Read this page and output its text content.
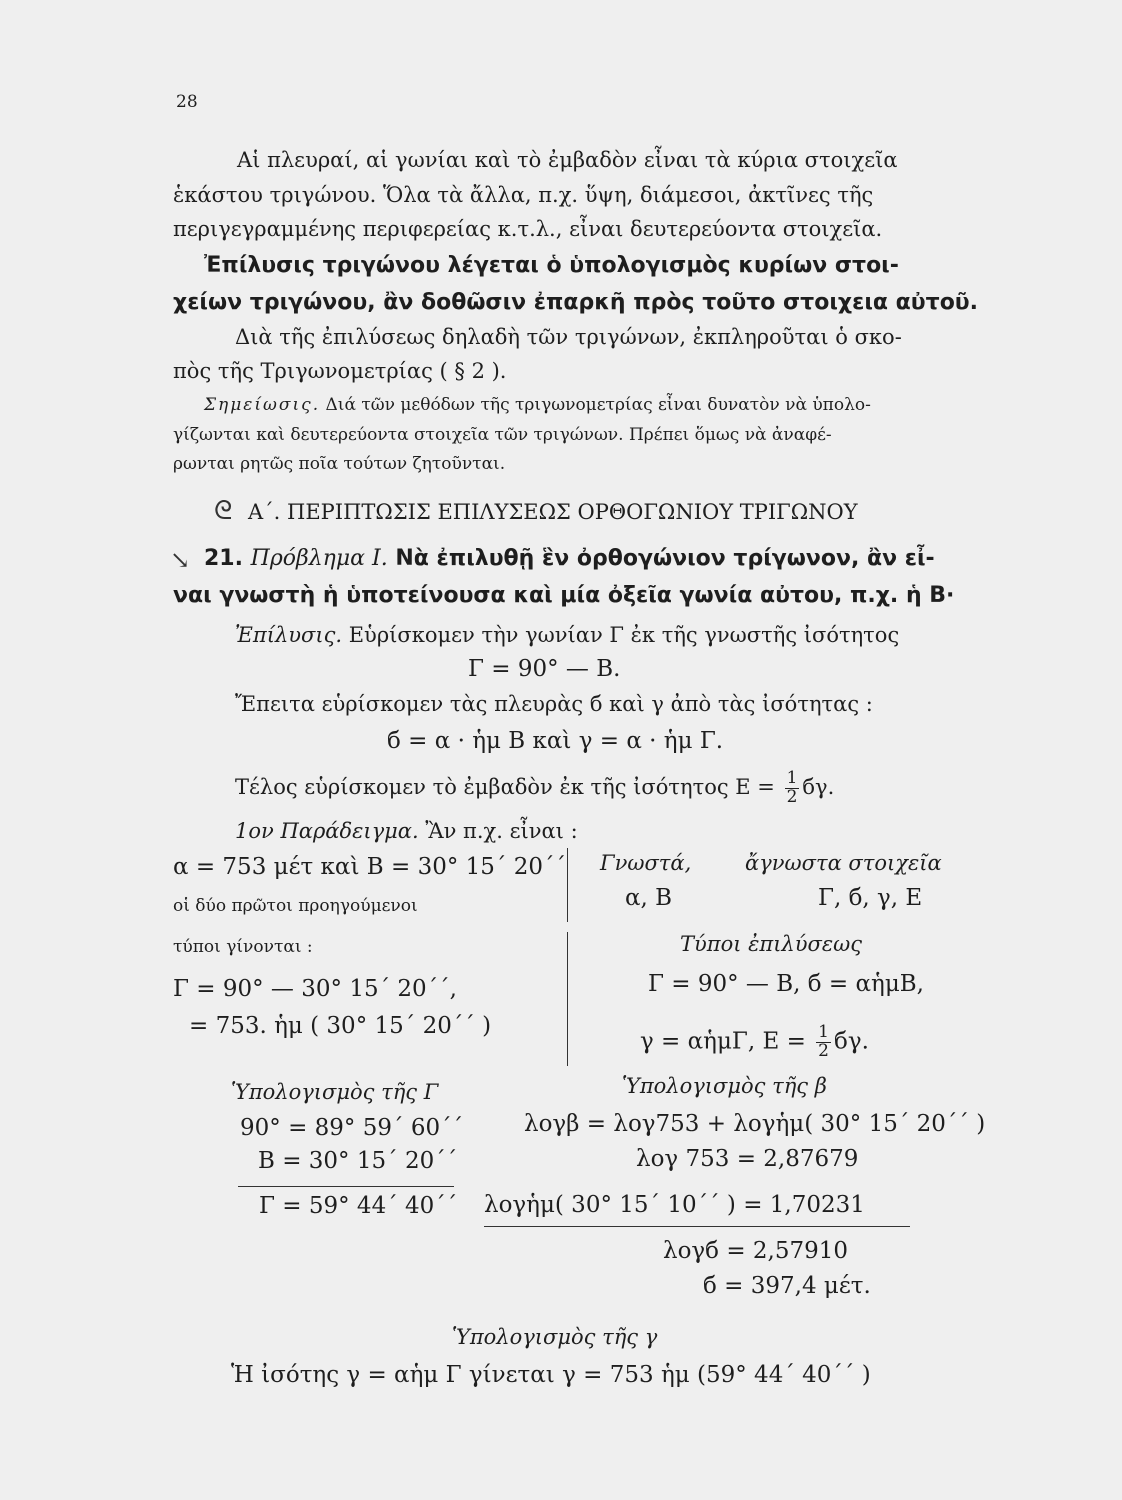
28
Αἱ πλευραί, αἱ γωνίαι καὶ τὸ ἐμβαδὸν εἶναι τὰ κύρια στοιχεῖα
ἑκάστου τριγώνου. Ὅλα τὰ ἄλλα, π.χ. ὕψη, διάμεσοι, ἀκτῖνες τῆς
περιγεγραμμένης περιφερείας κ.τ.λ., εἶναι δευτερεύοντα στοιχεῖα.
Ἐπίλυσις τριγώνου λέγεται ὁ ὑπολογισμὸς κυρίων στοι-
χείων τριγώνου, ἂν δοθῶσιν ἐπαρκῆ πρὸς τοῦτο στοιχεια αὐτοῦ.
Διὰ τῆς ἐπιλύσεως δηλαδὴ τῶν τριγώνων, ἐκπληροῦται ὁ σκο-
πὸς τῆς Τριγωνομετρίας ( § 2 ).
Σημείωσις. Διά τῶν μεθόδων τῆς τριγωνομετρίας εἶναι δυνατὸν νὰ ὑπολο-
γίζωνται καὶ δευτερεύοντα στοιχεῖα τῶν τριγώνων. Πρέπει ὅμως νὰ ἀναφέ-
ρωνται ρητῶς ποῖα τούτων ζητοῦνται.
ᘓ Α΄. ΠΕΡΙΠΤΩΣΙΣ ΕΠΙΛΥΣΕΩΣ ΟΡΘΟΓΩΝΙΟΥ ΤΡΙΓΩΝΟΥ
↘ 21. Πρόβλημα Ι. Νὰ ἐπιλυθῇ ἓν ὀρθογώνιον τρίγωνον, ἂν εἶ-
ναι γνωστὴ ἡ ὑποτείνουσα καὶ μία ὀξεῖα γωνία αὐτου, π.χ. ἡ Β·
Ἐπίλυσις. Εὑρίσκομεν τὴν γωνίαν Γ ἐκ τῆς γνωστῆς ἰσότητος
Γ = 90° — Β.
Ἔπειτα εὑρίσκομεν τὰς πλευρὰς б καὶ γ ἀπὸ τὰς ἰσότητας :
б = α · ἡμ Β καὶ γ = α · ἡμ Γ.
Τέλος εὑρίσκομεν τὸ ἐμβαδὸν ἐκ τῆς ἰσότητος $E = \frac{1}{2} б\gamma$.
1ον Παράδειγμα. Ἂν π.χ. εἶναι :
α = 753 μέτ καὶ Β = 30° 15΄ 20΄΄
οἱ δύο πρῶτοι προηγούμενοι
τύποι γίνονται :
Γ = 90° — 30° 15΄ 20΄΄,
= 753. ἡμ ( 30° 15΄ 20΄΄ )
Γνωστά,	ἄγνωστα στοιχεῖα
α, Β	Γ, б, γ, Ε
Τύποι ἐπιλύσεως
Γ = 90° — Β, б = αἡμΒ,
γ = αἡμΓ, $E = \frac{1}{2} б\gamma$.
Ὑπολογισμὸς τῆς Γ
90° = 89° 59΄ 60΄΄
Β = 30° 15΄ 20΄΄
Γ = 59° 44΄ 40΄΄
Ὑπολογισμὸς τῆς β
λογβ = λογ753 + λογἡμ( 30° 15΄ 20΄΄ )
λογ 753 = 2,87679
λογἡμ( 30° 15΄ 10΄΄ ) = 1,70231
λογб = 2,57910
б = 397,4 μέτ.
Ὑπολογισμὸς τῆς γ
Ἡ ἰσότης γ = αἡμ Γ γίνεται γ = 753 ἡμ (59° 44΄ 40΄΄ )
